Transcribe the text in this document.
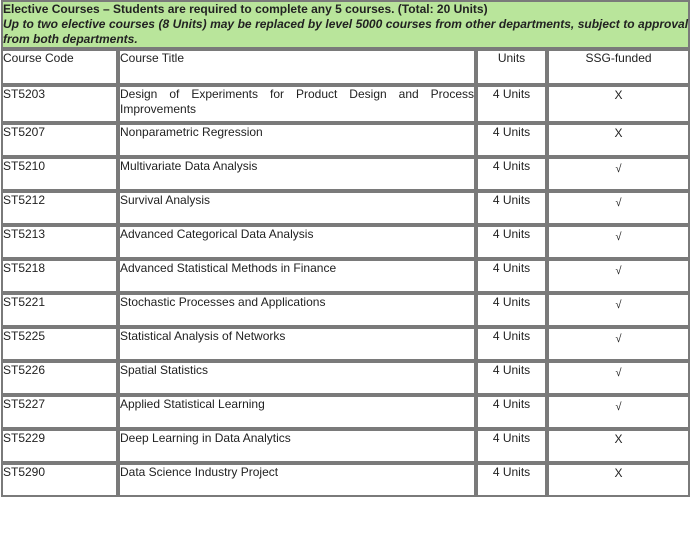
Elective Courses – Students are required to complete any 5 courses. (Total: 20 Units)
Up to two elective courses (8 Units) may be replaced by level 5000 courses from other departments, subject to approval from both departments.			

Course Code	Course Title	Units	SSG-funded
ST5203	Design of Experiments for Product Design and Process Improvements	4 Units	X
ST5207	Nonparametric Regression	4 Units	X
ST5210	Multivariate Data Analysis	4 Units	√
ST5212	Survival Analysis	4 Units	√
ST5213	Advanced Categorical Data Analysis	4 Units	√
ST5218	Advanced Statistical Methods in Finance	4 Units	√
ST5221	Stochastic Processes and Applications	4 Units	√
ST5225	Statistical Analysis of Networks	4 Units	√
ST5226	Spatial Statistics	4 Units	√
ST5227	Applied Statistical Learning	4 Units	√
ST5229	Deep Learning in Data Analytics	4 Units	X
ST5290	Data Science Industry Project	4 Units	X
